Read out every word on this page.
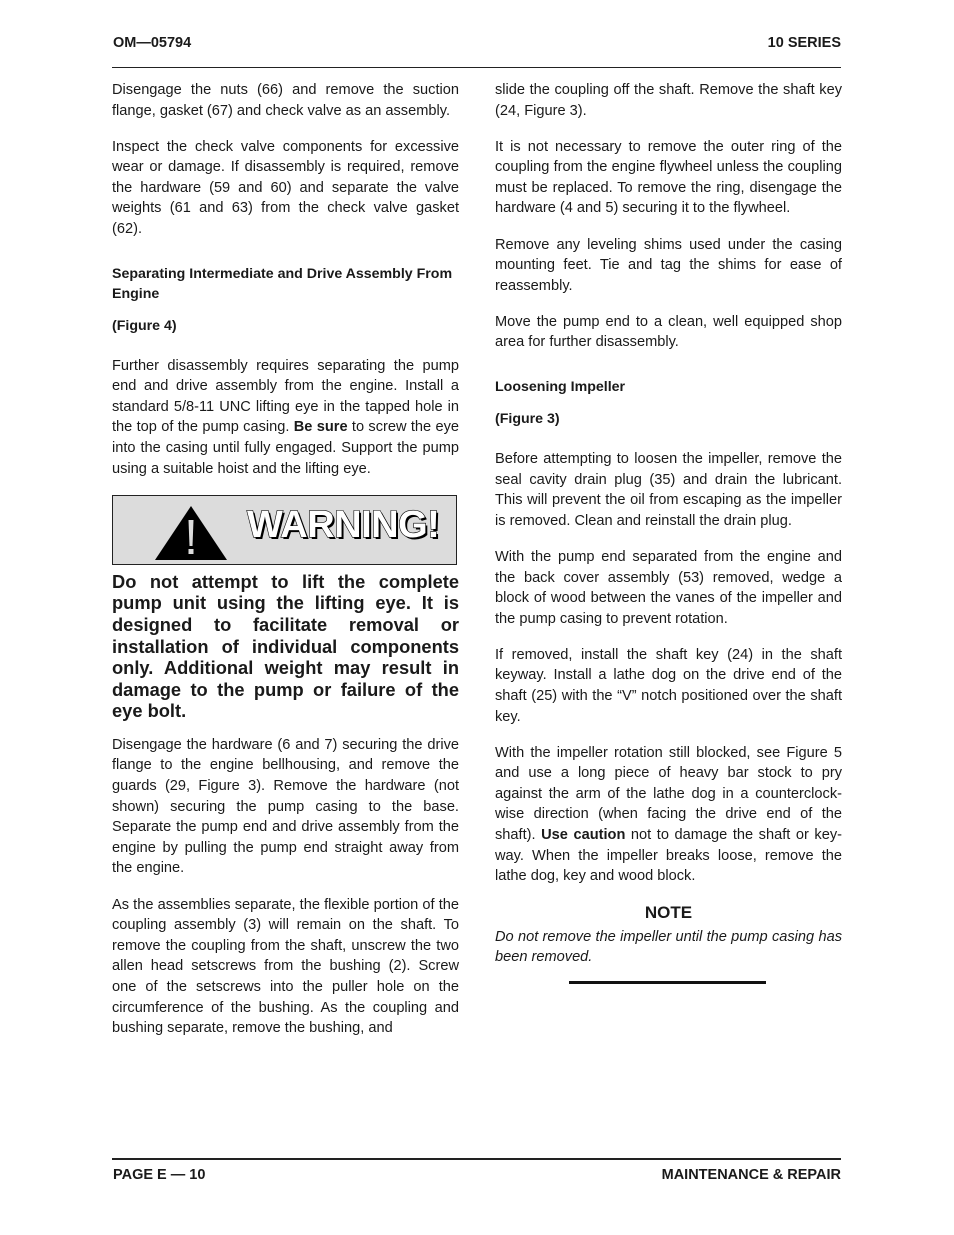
OM—05794	10 SERIES

Disengage the nuts (66) and remove the suction flange, gasket (67) and check valve as an assembly.

Inspect the check valve components for excessive wear or damage. If disassembly is required, remove the hardware (59 and 60) and separate the valve weights (61 and 63) from the check valve gasket (62).

Separating Intermediate and Drive Assembly From Engine
(Figure 4)

Further disassembly requires separating the pump end and drive assembly from the engine. Install a standard 5/8-11 UNC lifting eye in the tapped hole in the top of the pump casing. Be sure to screw the eye into the casing until fully engaged. Support the pump using a suitable hoist and the lifting eye.

WARNING!

Do not attempt to lift the complete pump unit using the lifting eye. It is designed to facilitate removal or installation of individual components only. Additional weight may result in damage to the pump or failure of the eye bolt.

Disengage the hardware (6 and 7) securing the drive flange to the engine bellhousing, and remove the guards (29, Figure 3). Remove the hardware (not shown) securing the pump casing to the base. Separate the pump end and drive assembly from the engine by pulling the pump end straight away from the engine.

As the assemblies separate, the flexible portion of the coupling assembly (3) will remain on the shaft. To remove the coupling from the shaft, unscrew the two allen head setscrews from the bushing (2). Screw one of the setscrews into the puller hole on the circumference of the bushing. As the coupling and bushing separate, remove the bushing, and

slide the coupling off the shaft. Remove the shaft key (24, Figure 3).

It is not necessary to remove the outer ring of the coupling from the engine flywheel unless the coupling must be replaced. To remove the ring, disengage the hardware (4 and 5) securing it to the flywheel.

Remove any leveling shims used under the casing mounting feet. Tie and tag the shims for ease of reassembly.

Move the pump end to a clean, well equipped shop area for further disassembly.

Loosening Impeller
(Figure 3)

Before attempting to loosen the impeller, remove the seal cavity drain plug (35) and drain the lubricant. This will prevent the oil from escaping as the impeller is removed. Clean and reinstall the drain plug.

With the pump end separated from the engine and the back cover assembly (53) removed, wedge a block of wood between the vanes of the impeller and the pump casing to prevent rotation.

If removed, install the shaft key (24) in the shaft keyway. Install a lathe dog on the drive end of the shaft (25) with the “V” notch positioned over the shaft key.

With the impeller rotation still blocked, see Figure 5 and use a long piece of heavy bar stock to pry against the arm of the lathe dog in a counterclockwise direction (when facing the drive end of the shaft). Use caution not to damage the shaft or keyway. When the impeller breaks loose, remove the lathe dog, key and wood block.

NOTE

Do not remove the impeller until the pump casing has been removed.

PAGE E — 10	MAINTENANCE & REPAIR
